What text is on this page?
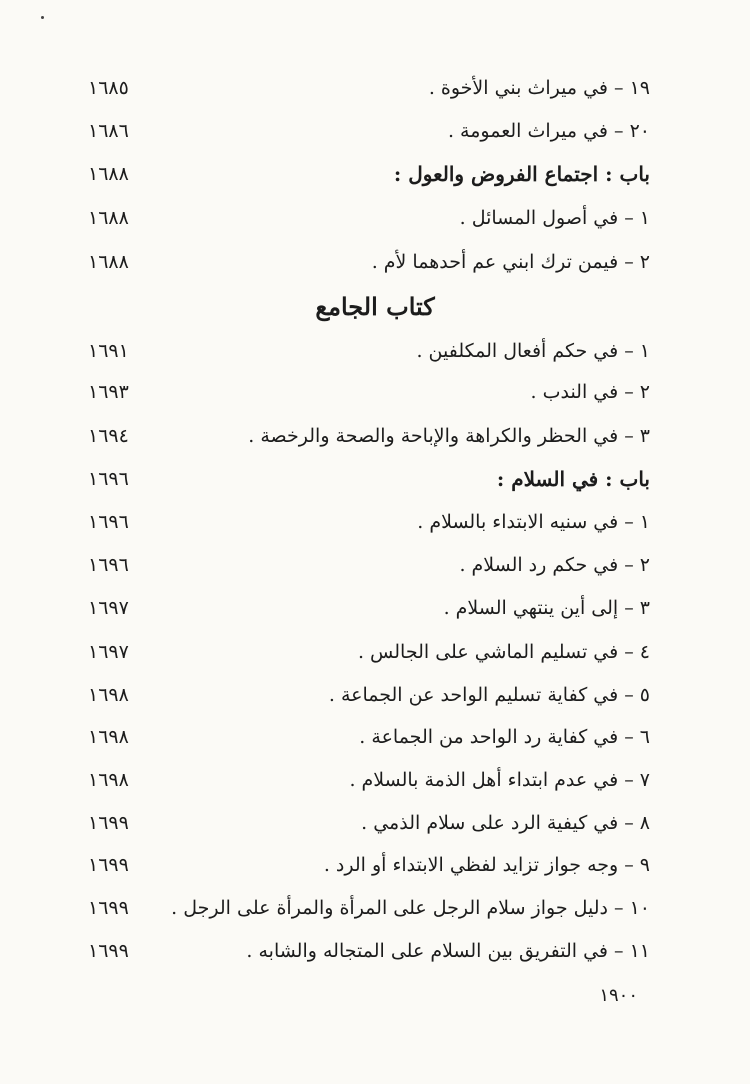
١٩ – في ميراث بني الأخوة .
١٦٨٥
٢٠ – في ميراث العمومة .
١٦٨٦
باب : اجتماع الفروض والعول :
١٦٨٨
١ – في أصول المسائل .
١٦٨٨
٢ – فيمن ترك ابني عم أحدهما لأم .
١٦٨٨
كتاب الجامع
١ – في حكم أفعال المكلفين .
١٦٩١
٢ – في الندب .
١٦٩٣
٣ – في الحظر والكراهة والإباحة والصحة والرخصة .
١٦٩٤
باب : في السلام :
١٦٩٦
١ – في سنيه الابتداء بالسلام .
١٦٩٦
٢ – في حكم رد السلام .
١٦٩٦
٣ – إلى أين ينتهي السلام .
١٦٩٧
٤ – في تسليم الماشي على الجالس .
١٦٩٧
٥ – في كفاية تسليم الواحد عن الجماعة .
١٦٩٨
٦ – في كفاية رد الواحد من الجماعة .
١٦٩٨
٧ – في عدم ابتداء أهل الذمة بالسلام .
١٦٩٨
٨ – في كيفية الرد على سلام الذمي .
١٦٩٩
٩ – وجه جواز تزايد لفظي الابتداء أو الرد .
١٦٩٩
١٠ – دليل جواز سلام الرجل على المرأة والمرأة على الرجل .
١٦٩٩
١١ – في التفريق بين السلام على المتجاله والشابه .
١٦٩٩
١٩٠٠
